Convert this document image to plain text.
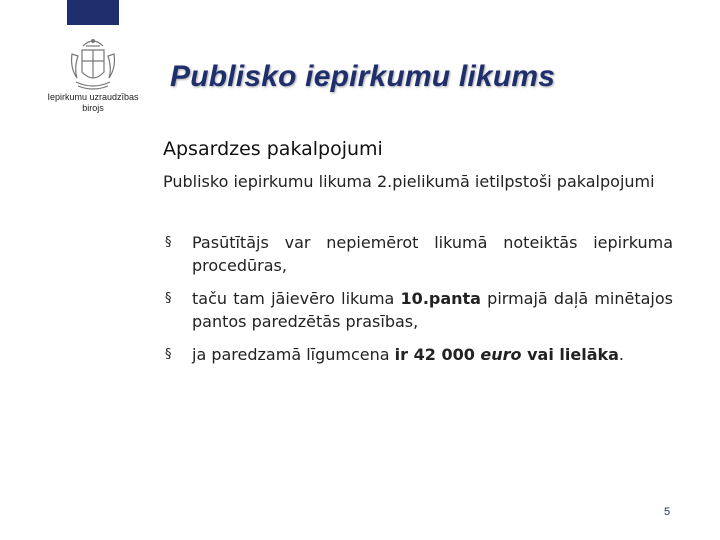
Iepirkumu uzraudzības
birojs
Publisko iepirkumu likums
Apsardzes pakalpojumi

Publisko iepirkumu likuma 2.pielikumā ietilpstoši pakalpojumi

§ Pasūtītājs var nepiemērot likumā noteiktās iepirkuma procedūras,
§ taču tam jāievēro likuma 10.panta pirmajā daļā minētajos pantos paredzētās prasības,
§ ja paredzamā līgumcena ir 42 000 euro vai lielāka.
5
